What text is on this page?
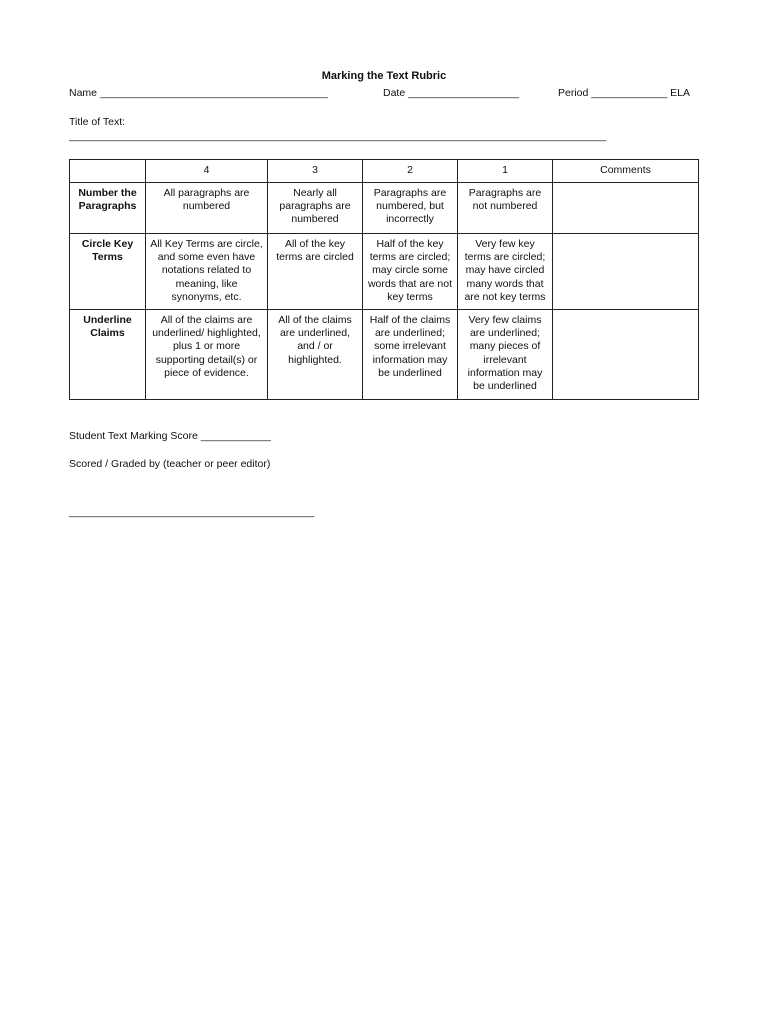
Marking the Text Rubric
Name _______________________________________	Date ___________________	Period _____________ ELA
Title of Text:
____________________________________________________________________________________________
	4	3	2	1	Comments
Number the Paragraphs	All paragraphs are numbered	Nearly all paragraphs are numbered	Paragraphs are numbered, but incorrectly	Paragraphs are not numbered	
Circle Key Terms	All Key Terms are circle, and some even have notations related to meaning, like synonyms, etc.	All of the key terms are circled	Half of the key terms are circled; may circle some words that are not key terms	Very few key terms are circled; may have circled many words that are not key terms	
Underline Claims	All of the claims are underlined/ highlighted, plus 1 or more supporting detail(s) or piece of evidence.	All of the claims are underlined, and / or highlighted.	Half of the claims are underlined; some irrelevant information may be underlined	Very few claims are underlined; many pieces of irrelevant information may be underlined	
Student Text Marking Score ____________
Scored / Graded by (teacher or peer editor)
__________________________________________
